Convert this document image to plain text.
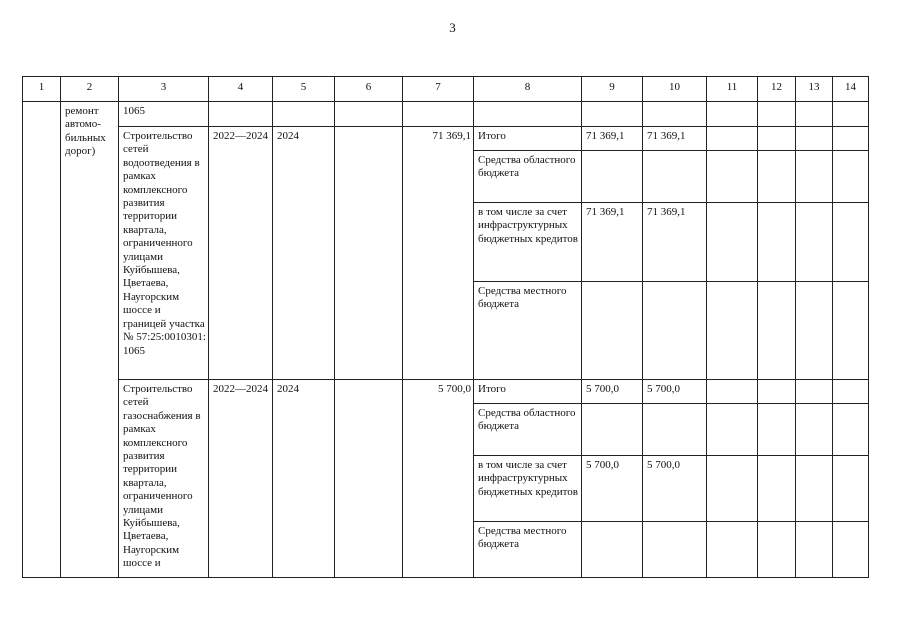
3
1	2	3	4	5	6	7	8	9	10	11	12	13	14
	ремонт автомо-бильных дорог)	1065											
		Строительство сетей водоотведения в рамках комплексного развития территории квартала, ограниченного улицами Куйбышева, Цветаева, Наугорским шоссе и границей участка № 57:25:0010301: 1065	2022—2024	2024		71 369,1	Итого	71 369,1	71 369,1				
							Средства областного бюджета						
							в том числе за счет инфраструктурных бюджетных кредитов	71 369,1	71 369,1				
							Средства местного бюджета						

		Строительство сетей газоснабжения в рамках комплексного развития территории квартала, ограниченного улицами Куйбышева, Цветаева, Наугорским шоссе и	2022—2024	2024		5 700,0	Итого	5 700,0	5 700,0				
							Средства областного бюджета						
							в том числе за счет инфраструктурных бюджетных кредитов	5 700,0	5 700,0				
							Средства местного бюджета						
